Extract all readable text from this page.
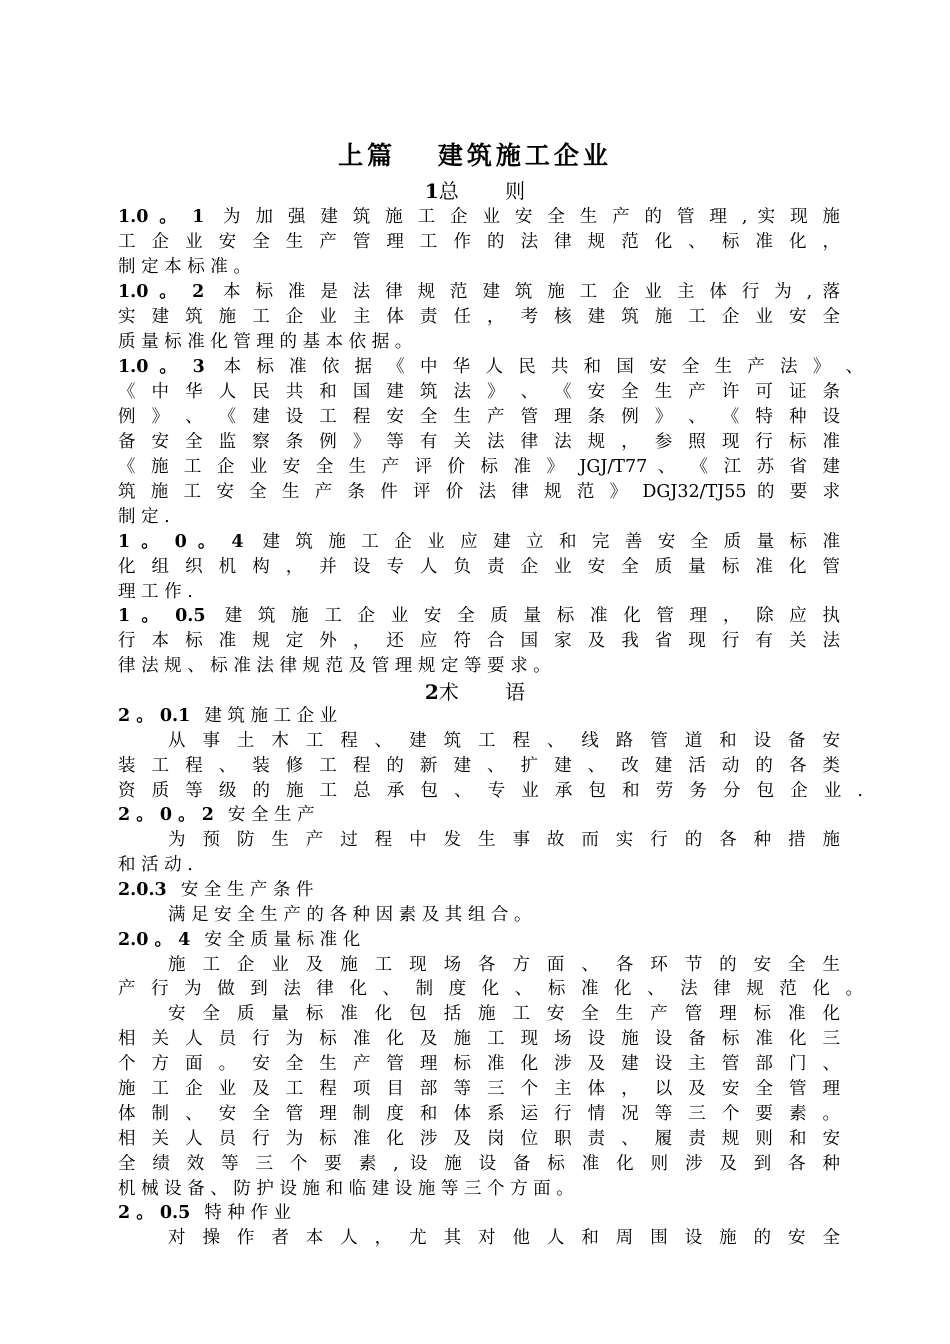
上篇　 建筑施工企业
1总　　 则
1.0 。 1 为 加 强 建 筑 施 工 企 业 安 全 生 产 的 管 理 , 实 现 施
工 企 业 安 全 生 产 管 理 工 作 的 法 律 规 范 化 、 标 准 化 ，
制 定 本 标 准 。
1.0 。 2 本 标 准 是 法 律 规 范 建 筑 施 工 企 业 主 体 行 为 , 落
实 建 筑 施 工 企 业 主 体 责 任 ， 考 核 建 筑 施 工 企 业 安 全
质 量 标 准 化 管 理 的 基 本 依 据 。
1.0 。 3 本 标 准 依 据 《 中 华 人 民 共 和 国 安 全 生 产 法 》 、
《 中 华 人 民 共 和 国 建 筑 法 》 、 《 安 全 生 产 许 可 证 条
例 》 、 《 建 设 工 程 安 全 生 产 管 理 条 例 》 、 《 特 种 设
备 安 全 监 察 条 例 》 等 有 关 法 律 法 规 ， 参 照 现 行 标 准
《 施 工 企 业 安 全 生 产 评 价 标 准 》 JGJ/T77 、 《 江 苏 省 建
筑 施 工 安 全 生 产 条 件 评 价 法 律 规 范 》 DGJ32/TJ55 的 要 求
制 定 .
1 。 0 。 4 建 筑 施 工 企 业 应 建 立 和 完 善 安 全 质 量 标 准
化 组 织 机 构 ， 并 设 专 人 负 责 企 业 安 全 质 量 标 准 化 管
理 工 作 .
1 。 0.5 建 筑 施 工 企 业 安 全 质 量 标 准 化 管 理 ， 除 应 执
行 本 标 准 规 定 外 ， 还 应 符 合 国 家 及 我 省 现 行 有 关 法
律 法 规 、 标 准 法 律 规 范 及 管 理 规 定 等 要 求 。
2术　　 语
2 。 0.1 建 筑 施 工 企 业
从 事 土 木 工 程 、 建 筑 工 程 、 线 路 管 道 和 设 备 安
装 工 程 、 装 修 工 程 的 新 建 、 扩 建 、 改 建 活 动 的 各 类
资 质 等 级 的 施 工 总 承 包 、 专 业 承 包 和 劳 务 分 包 企 业 .
2 。 0 。 2 安 全 生 产
为 预 防 生 产 过 程 中 发 生 事 故 而 实 行 的 各 种 措 施
和 活 动 .
2.0.3 安 全 生 产 条 件
满 足 安 全 生 产 的 各 种 因 素 及 其 组 合 。
2.0 。 4 安 全 质 量 标 准 化
施 工 企 业 及 施 工 现 场 各 方 面 、 各 环 节 的 安 全 生
产 行 为 做 到 法 律 化 、 制 度 化 、 标 准 化 、 法 律 规 范 化 。
安 全 质 量 标 准 化 包 括 施 工 安 全 生 产 管 理 标 准 化
相 关 人 员 行 为 标 准 化 及 施 工 现 场 设 施 设 备 标 准 化 三
个 方 面 。 安 全 生 产 管 理 标 准 化 涉 及 建 设 主 管 部 门 、
施 工 企 业 及 工 程 项 目 部 等 三 个 主 体 ， 以 及 安 全 管 理
体 制 、 安 全 管 理 制 度 和 体 系 运 行 情 况 等 三 个 要 素 。
相 关 人 员 行 为 标 准 化 涉 及 岗 位 职 责 、 履 责 规 则 和 安
全 绩 效 等 三 个 要 素 , 设 施 设 备 标 准 化 则 涉 及 到 各 种
机 械 设 备 、 防 护 设 施 和 临 建 设 施 等 三 个 方 面 。
2 。 0.5 特 种 作 业
对 操 作 者 本 人 ， 尤 其 对 他 人 和 周 围 设 施 的 安 全
